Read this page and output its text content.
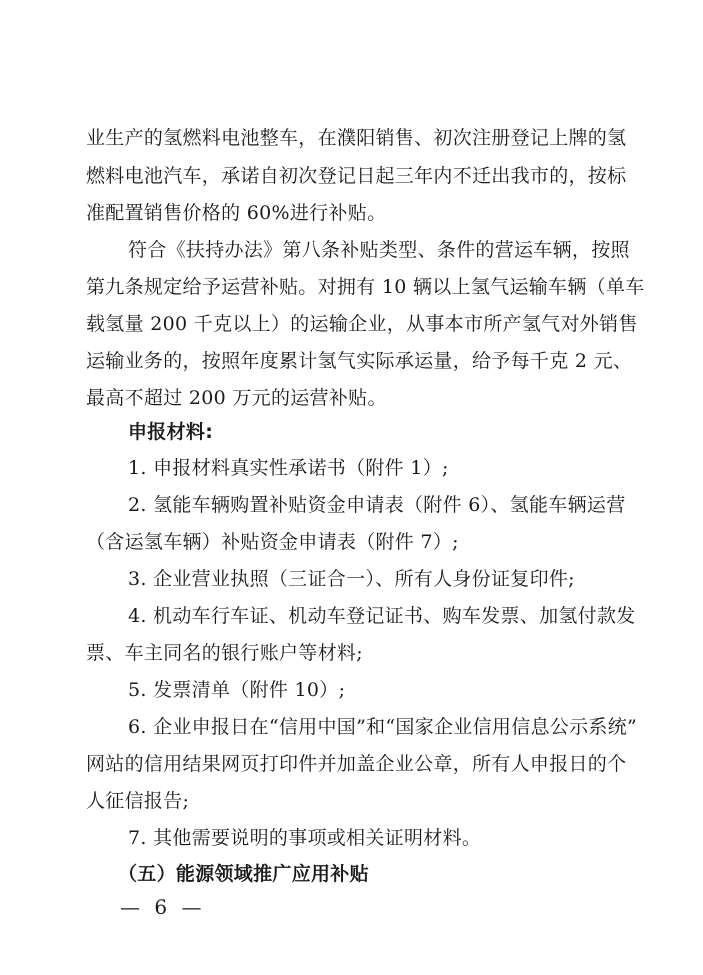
业生产的氢燃料电池整车，在濮阳销售、初次注册登记上牌的氢
燃料电池汽车，承诺自初次登记日起三年内不迁出我市的，按标
准配置销售价格的 60%进行补贴。
符合《扶持办法》第八条补贴类型、条件的营运车辆，按照
第九条规定给予运营补贴。对拥有 10 辆以上氢气运输车辆（单车
载氢量 200 千克以上）的运输企业，从事本市所产氢气对外销售
运输业务的，按照年度累计氢气实际承运量，给予每千克 2 元、
最高不超过 200 万元的运营补贴。
申报材料:
1. 申报材料真实性承诺书（附件 1）;
2. 氢能车辆购置补贴资金申请表（附件 6）、氢能车辆运营
（含运氢车辆）补贴资金申请表（附件 7）;
3. 企业营业执照（三证合一）、所有人身份证复印件;
4. 机动车行车证、机动车登记证书、购车发票、加氢付款发
票、车主同名的银行账户等材料;
5. 发票清单（附件 10）;
6. 企业申报日在“信用中国”和“国家企业信用信息公示系统”
网站的信用结果网页打印件并加盖企业公章，所有人申报日的个
人征信报告;
7. 其他需要说明的事项或相关证明材料。
（五）能源领域推广应用补贴
— 6 —
